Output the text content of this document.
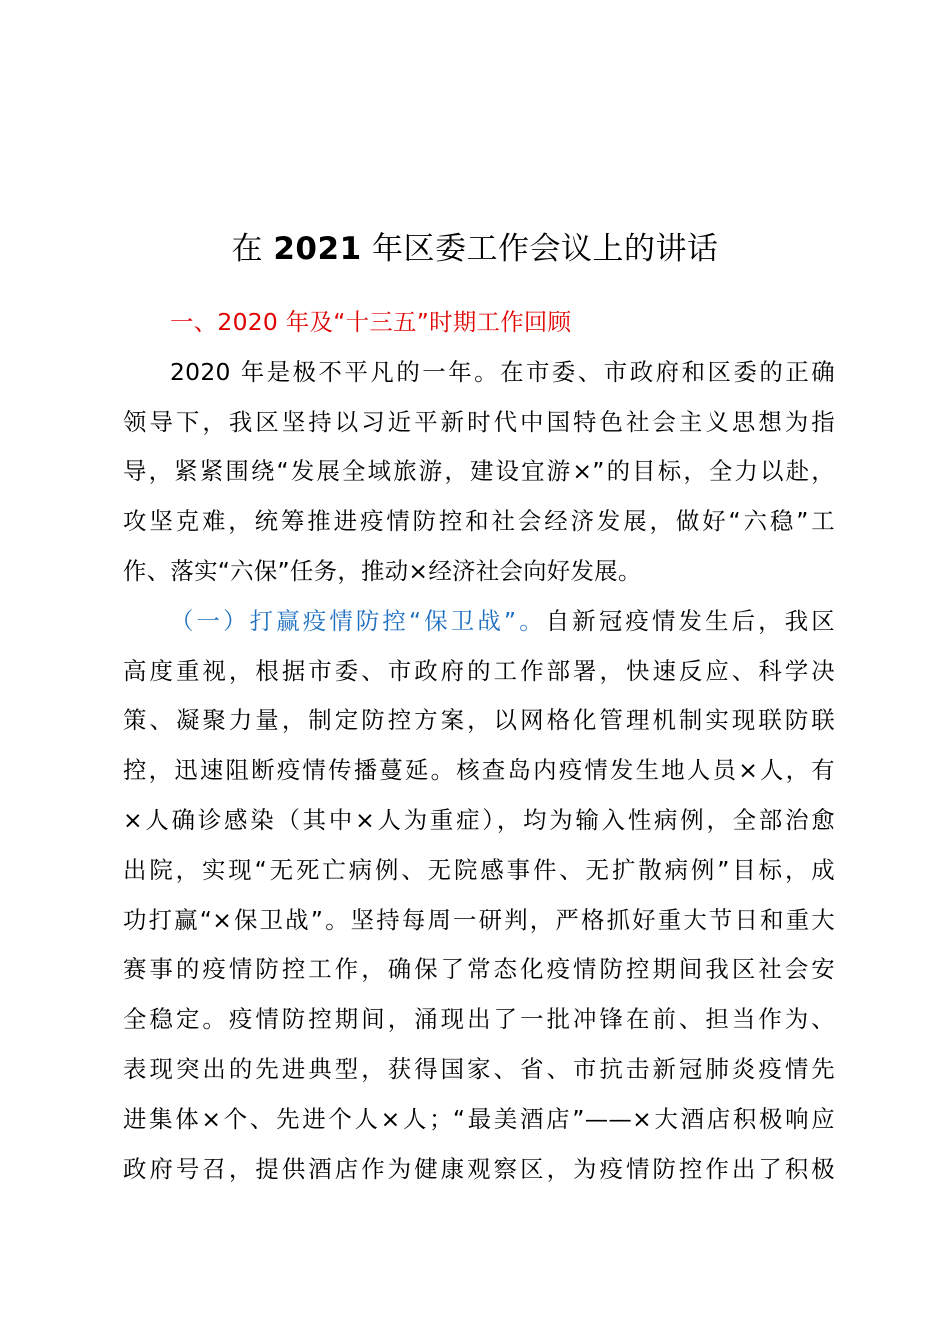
在 2021 年区委工作会议上的讲话
一、2020 年及“十三五”时期工作回顾
2020 年是极不平凡的一年。在市委、市政府和区委的正确
领导下，我区坚持以习近平新时代中国特色社会主义思想为指
导，紧紧围绕“发展全域旅游，建设宜游×”的目标，全力以赴，
攻坚克难，统筹推进疫情防控和社会经济发展，做好“六稳”工
作、落实“六保”任务，推动×经济社会向好发展。
（一）打赢疫情防控“保卫战”。自新冠疫情发生后，我区
高度重视，根据市委、市政府的工作部署，快速反应、科学决
策、凝聚力量，制定防控方案，以网格化管理机制实现联防联
控，迅速阻断疫情传播蔓延。核查岛内疫情发生地人员×人，有
×人确诊感染（其中×人为重症），均为输入性病例，全部治愈
出院，实现“无死亡病例、无院感事件、无扩散病例”目标，成
功打赢“×保卫战”。坚持每周一研判，严格抓好重大节日和重大
赛事的疫情防控工作，确保了常态化疫情防控期间我区社会安
全稳定。疫情防控期间，涌现出了一批冲锋在前、担当作为、
表现突出的先进典型，获得国家、省、市抗击新冠肺炎疫情先
进集体×个、先进个人×人；“最美酒店”——×大酒店积极响应
政府号召，提供酒店作为健康观察区，为疫情防控作出了积极
